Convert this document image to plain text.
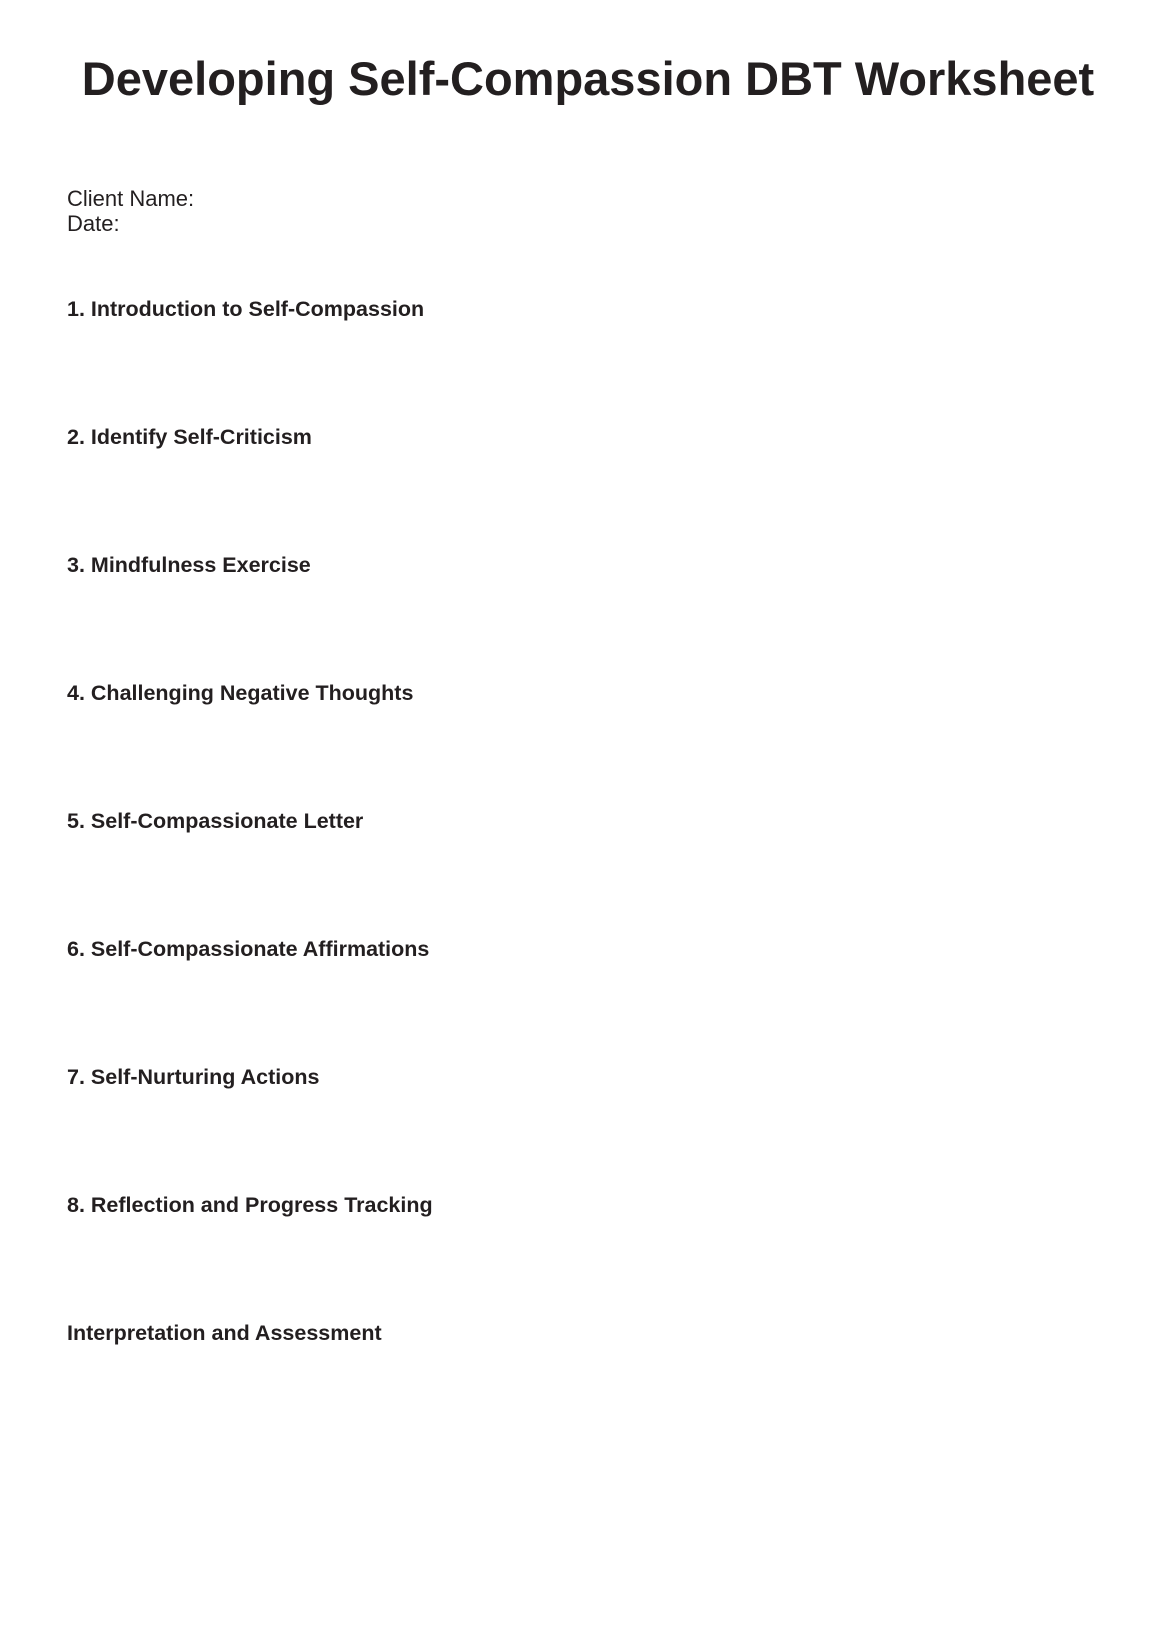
Developing Self-Compassion DBT Worksheet
Client Name:
Date:
1. Introduction to Self-Compassion
2. Identify Self-Criticism
3. Mindfulness Exercise
4. Challenging Negative Thoughts
5. Self-Compassionate Letter
6. Self-Compassionate Affirmations
7. Self-Nurturing Actions
8. Reflection and Progress Tracking
Interpretation and Assessment
